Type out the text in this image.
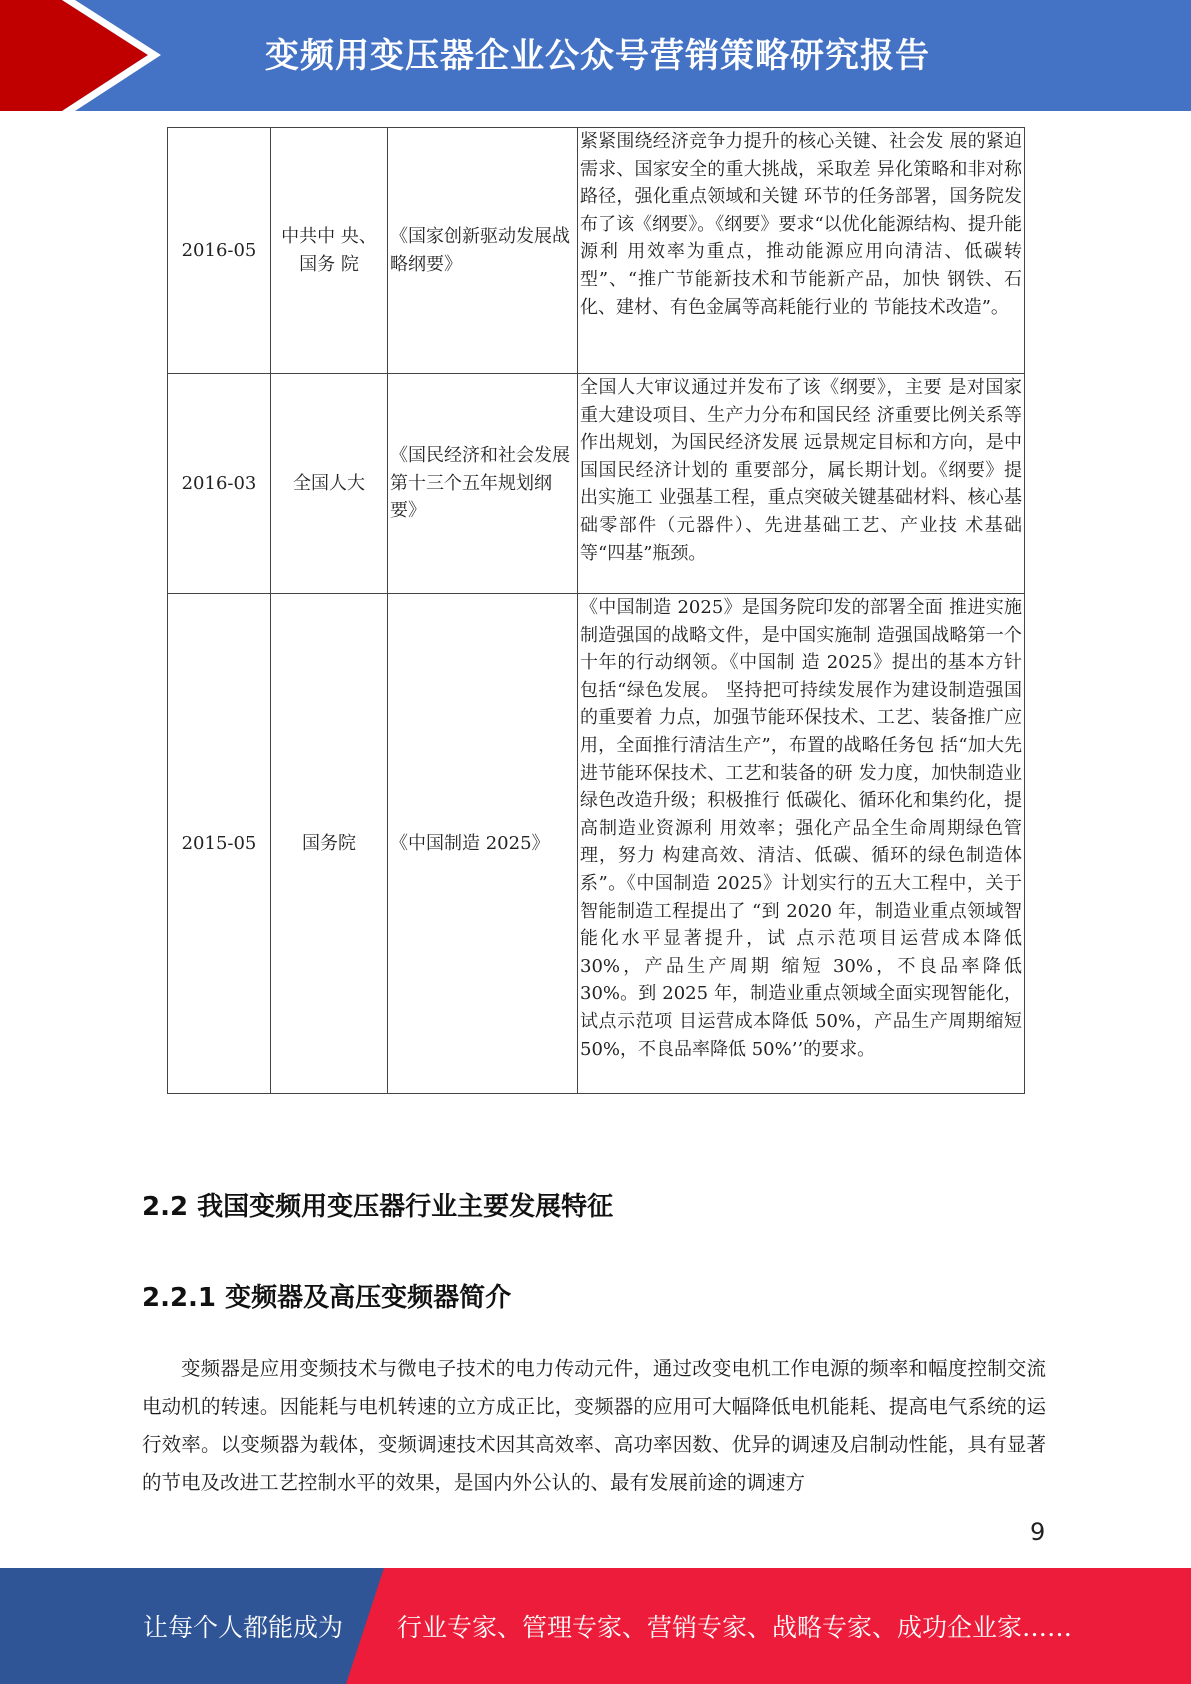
变频用变压器企业公众号营销策略研究报告
2016-05	中共中 央、国务 院	《国家创新驱动发展战略纲要》	紧紧围绕经济竞争力提升的核心关键、社会发 展的紧迫需求、国家安全的重大挑战，采取差 异化策略和非对称路径，强化重点领域和关键 环节的任务部署，国务院发布了该《纲要》。《纲要》要求“以优化能源结构、提升能源利 用效率为重点，推动能源应用向清洁、低碳转 型”、“推广节能新技术和节能新产品，加快 钢铁、石化、建材、有色金属等高耗能行业的 节能技术改造”。

2016-03	全国人大	《国民经济和社会发展第十三个五年规划纲要》	全国人大审议通过并发布了该《纲要》，主要 是对国家重大建设项目、生产力分布和国民经 济重要比例关系等作出规划，为国民经济发展 远景规定目标和方向，是中国国民经济计划的 重要部分，属长期计划。《纲要》提出实施工 业强基工程，重点突破关键基础材料、核心基 础零部件（元器件）、先进基础工艺、产业技 术基础等“四基”瓶颈。

2015-05	国务院	《中国制造 2025》	《中国制造 2025》是国务院印发的部署全面 推进实施制造强国的战略文件，是中国实施制 造强国战略第一个十年的行动纲领。《中国制 造 2025》提出的基本方针包括“绿色发展。 坚持把可持续发展作为建设制造强国的重要着 力点，加强节能环保技术、工艺、装备推广应 用，全面推行清洁生产”，布置的战略任务包 括“加大先进节能环保技术、工艺和装备的研 发力度，加快制造业绿色改造升级；积极推行 低碳化、循环化和集约化，提高制造业资源利 用效率；强化产品全生命周期绿色管理，努力 构建高效、清洁、低碳、循环的绿色制造体 系”。《中国制造 2025》计划实行的五大工程中，关于智能制造工程提出了 “到 2020 年，制造业重点领域智能化水平显著提升，试 点示范项目运营成本降低 30%，产品生产周期 缩短 30%，不良品率降低 30%。到 2025 年，制造业重点领域全面实现智能化，试点示范项 目运营成本降低 50%，产品生产周期缩短 50%，不良品率降低 50%’’的要求。
2.2 我国变频用变压器行业主要发展特征
2.2.1 变频器及高压变频器简介
变频器是应用变频技术与微电子技术的电力传动元件，通过改变电机工作电源的频率和幅度控制交流电动机的转速。因能耗与电机转速的立方成正比，变频器的应用可大幅降低电机能耗、提高电气系统的运行效率。以变频器为载体，变频调速技术因其高效率、高功率因数、优异的调速及启制动性能，具有显著的节电及改进工艺控制水平的效果，是国内外公认的、最有发展前途的调速方
9
让每个人都能成为 行业专家、管理专家、营销专家、战略专家、成功企业家……
